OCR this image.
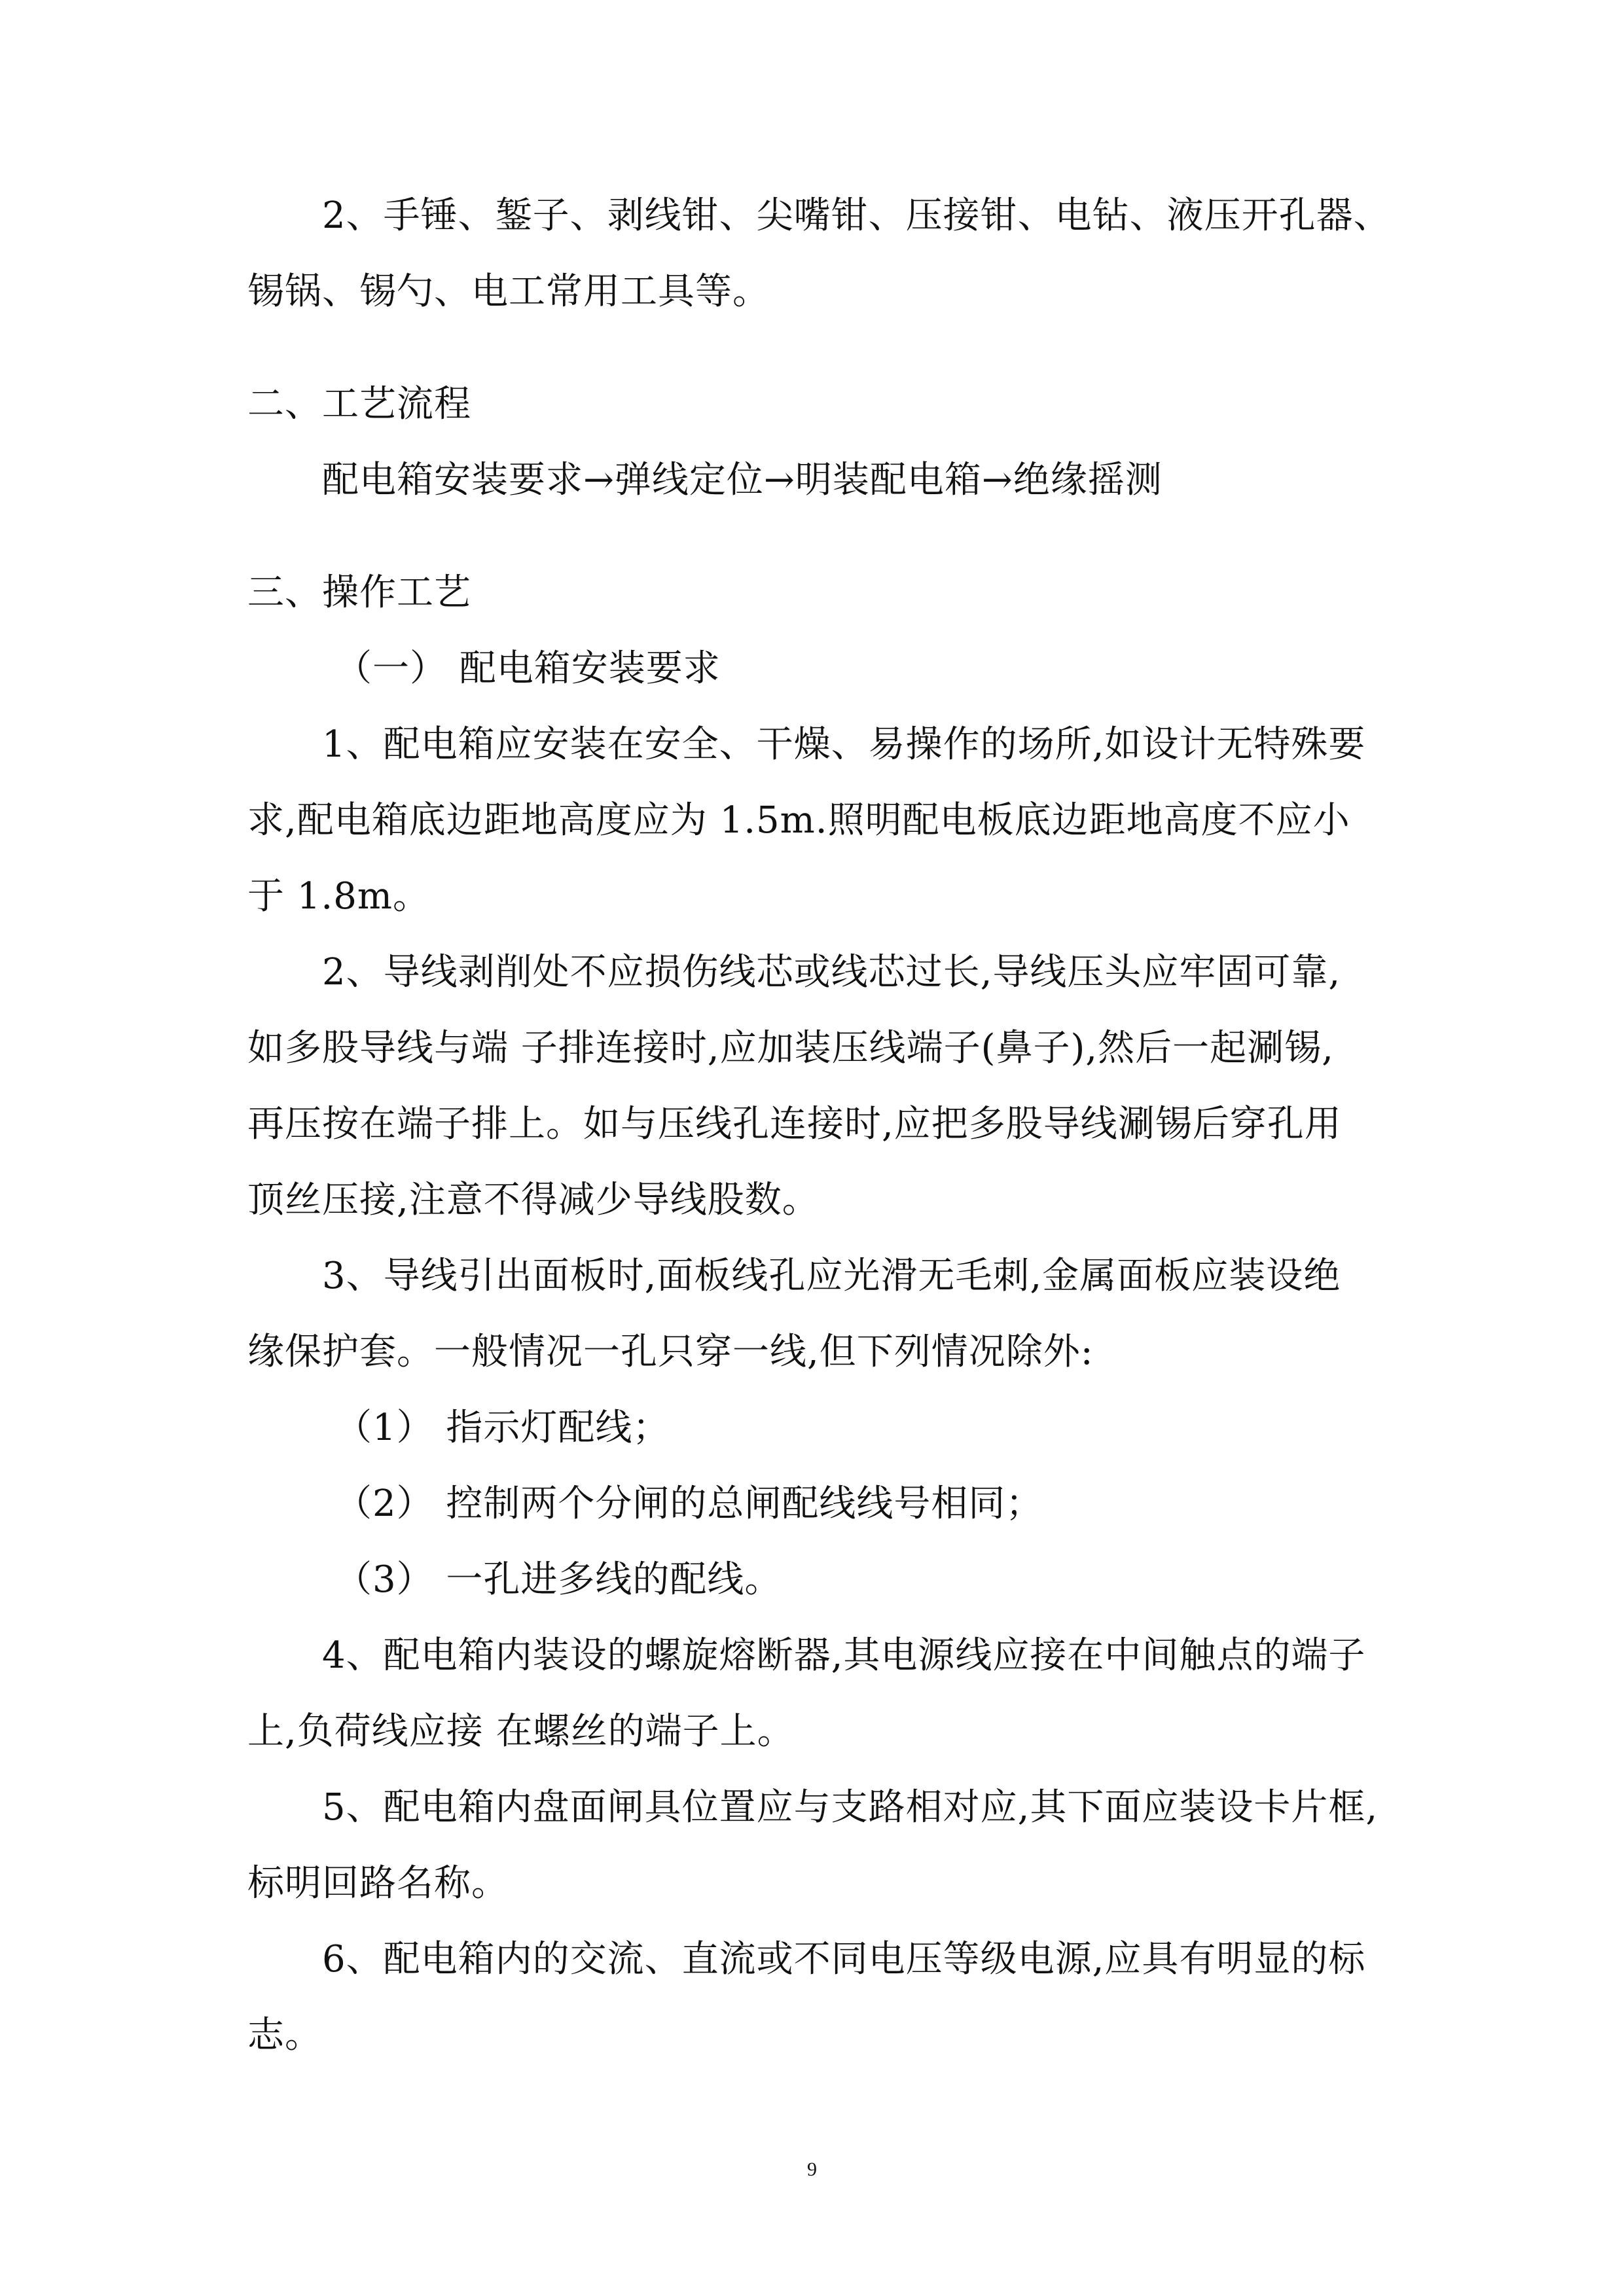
2、手锤、錾子、剥线钳、尖嘴钳、压接钳、电钻、液压开孔器、
锡锅、锡勺、电工常用工具等。
二、工艺流程
配电箱安装要求→弹线定位→明装配电箱→绝缘摇测
三、操作工艺
（一） 配电箱安装要求
1、配电箱应安装在安全、干燥、易操作的场所,如设计无特殊要
求,配电箱底边距地高度应为 1.5m.照明配电板底边距地高度不应小
于 1.8m。
2、导线剥削处不应损伤线芯或线芯过长,导线压头应牢固可靠,
如多股导线与端 子排连接时,应加装压线端子(鼻子),然后一起涮锡,
再压按在端子排上。如与压线孔连接时,应把多股导线涮锡后穿孔用
顶丝压接,注意不得减少导线股数。
3、导线引出面板时,面板线孔应光滑无毛刺,金属面板应装设绝
缘保护套。一般情况一孔只穿一线,但下列情况除外:
（1） 指示灯配线；
（2） 控制两个分闸的总闸配线线号相同；
（3） 一孔进多线的配线。
4、配电箱内装设的螺旋熔断器,其电源线应接在中间触点的端子
上,负荷线应接 在螺丝的端子上。
5、配电箱内盘面闸具位置应与支路相对应,其下面应装设卡片框,
标明回路名称。
6、配电箱内的交流、直流或不同电压等级电源,应具有明显的标
志。
9
